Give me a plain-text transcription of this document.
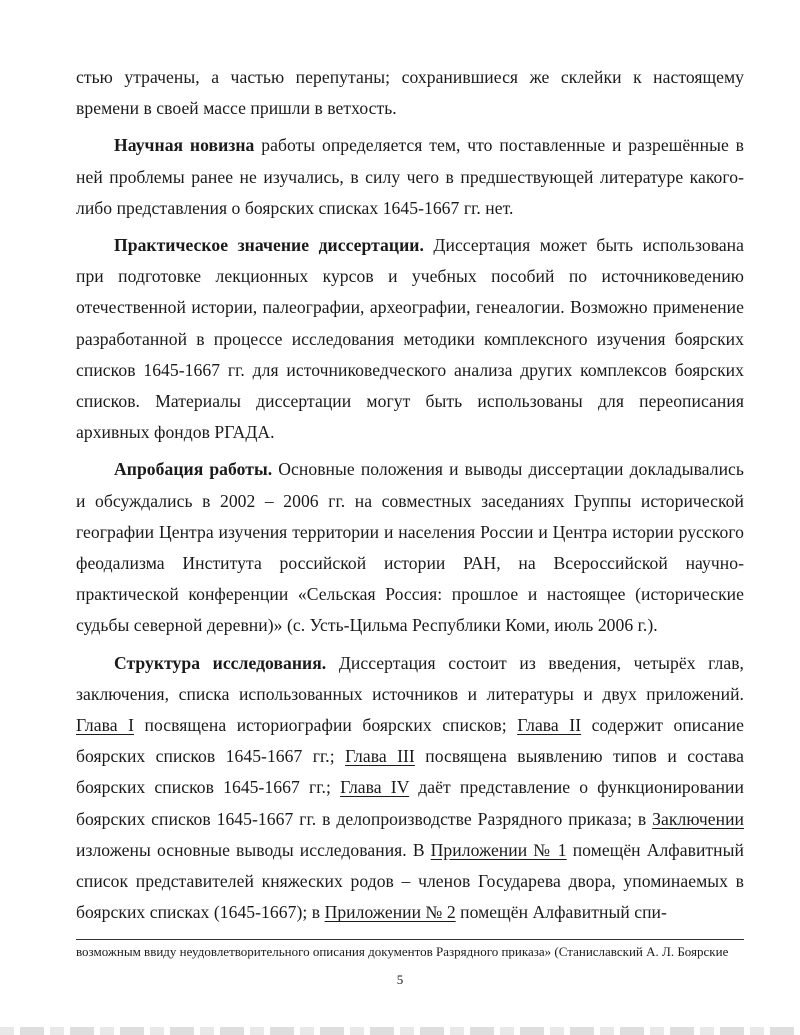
стью утрачены, а частью перепутаны; сохранившиеся же склейки к настоящему времени в своей массе пришли в ветхость.

Научная новизна работы определяется тем, что поставленные и разрешённые в ней проблемы ранее не изучались, в силу чего в предшествующей литературе какого-либо представления о боярских списках 1645-1667 гг. нет.

Практическое значение диссертации. Диссертация может быть использована при подготовке лекционных курсов и учебных пособий по источниковедению отечественной истории, палеографии, археографии, генеалогии. Возможно применение разработанной в процессе исследования методики комплексного изучения боярских списков 1645-1667 гг. для источниковедческого анализа других комплексов боярских списков. Материалы диссертации могут быть использованы для переописания архивных фондов РГАДА.

Апробация работы. Основные положения и выводы диссертации докладывались и обсуждались в 2002 – 2006 гг. на совместных заседаниях Группы исторической географии Центра изучения территории и населения России и Центра истории русского феодализма Института российской истории РАН, на Всероссийской научно-практической конференции «Сельская Россия: прошлое и настоящее (исторические судьбы северной деревни)» (с. Усть-Цильма Республики Коми, июль 2006 г.).

Структура исследования. Диссертация состоит из введения, четырёх глав, заключения, списка использованных источников и литературы и двух приложений. Глава I посвящена историографии боярских списков; Глава II содержит описание боярских списков 1645-1667 гг.; Глава III посвящена выявлению типов и состава боярских списков 1645-1667 гг.; Глава IV даёт представление о функционировании боярских списков 1645-1667 гг. в делопроизводстве Разрядного приказа; в Заключении изложены основные выводы исследования. В Приложении № 1 помещён Алфавитный список представителей княжеских родов – членов Государева двора, упоминаемых в боярских списках (1645-1667); в Приложении № 2 помещён Алфавитный спи-

возможным ввиду неудовлетворительного описания документов Разрядного приказа» (Станиславский А. Л. Боярские
5
